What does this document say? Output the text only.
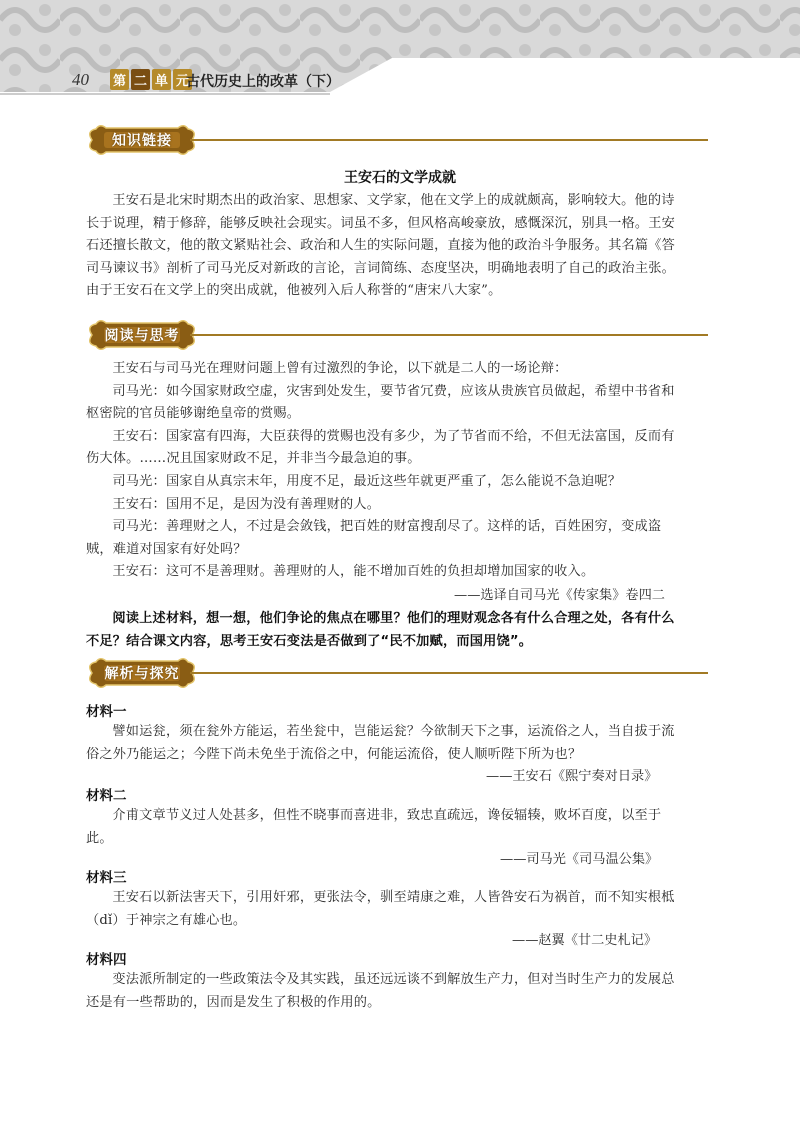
40 第 二 单 元
古代历史上的改革（下）
知识链接
王安石的文学成就
王安石是北宋时期杰出的政治家、思想家、文学家，他在文学上的成就颇高，影响较大。他的诗
长于说理，精于修辞，能够反映社会现实。词虽不多，但风格高峻豪放，感慨深沉，别具一格。王安
石还擅长散文，他的散文紧贴社会、政治和人生的实际问题，直接为他的政治斗争服务。其名篇《答
司马谏议书》剖析了司马光反对新政的言论，言词简练、态度坚决，明确地表明了自己的政治主张。
由于王安石在文学上的突出成就，他被列入后人称誉的“唐宋八大家”。
阅读与思考
王安石与司马光在理财问题上曾有过激烈的争论，以下就是二人的一场论辩：
司马光：如今国家财政空虚，灾害到处发生，要节省冗费，应该从贵族官员做起，希望中书省和
枢密院的官员能够谢绝皇帝的赏赐。
王安石：国家富有四海，大臣获得的赏赐也没有多少，为了节省而不给，不但无法富国，反而有
伤大体。……况且国家财政不足，并非当今最急迫的事。
司马光：国家自从真宗末年，用度不足，最近这些年就更严重了，怎么能说不急迫呢？
王安石：国用不足，是因为没有善理财的人。
司马光：善理财之人，不过是会敛钱，把百姓的财富搜刮尽了。这样的话，百姓困穷，变成盗
贼，难道对国家有好处吗？
王安石：这可不是善理财。善理财的人，能不增加百姓的负担却增加国家的收入。
——选译自司马光《传家集》卷四二
阅读上述材料，想一想，他们争论的焦点在哪里？他们的理财观念各有什么合理之处，各有什么
不足？结合课文内容，思考王安石变法是否做到了“民不加赋，而国用饶”。
解析与探究
材料一
譬如运瓮，须在瓮外方能运，若坐瓮中，岂能运瓮？今欲制天下之事，运流俗之人，当自拔于流
俗之外乃能运之；今陛下尚未免坐于流俗之中，何能运流俗，使人顺听陛下所为也？
——王安石《熙宁奏对日录》
材料二
介甫文章节义过人处甚多，但性不晓事而喜进非，致忠直疏远，谗佞辐辏，败坏百度，以至于
此。
——司马光《司马温公集》
材料三
王安石以新法害天下，引用奸邪，更张法令，驯至靖康之难，人皆咎安石为祸首，而不知实根柢
（dǐ）于神宗之有雄心也。
——赵翼《廿二史札记》
材料四
变法派所制定的一些政策法令及其实践，虽还远远谈不到解放生产力，但对当时生产力的发展总
还是有一些帮助的，因而是发生了积极的作用的。
